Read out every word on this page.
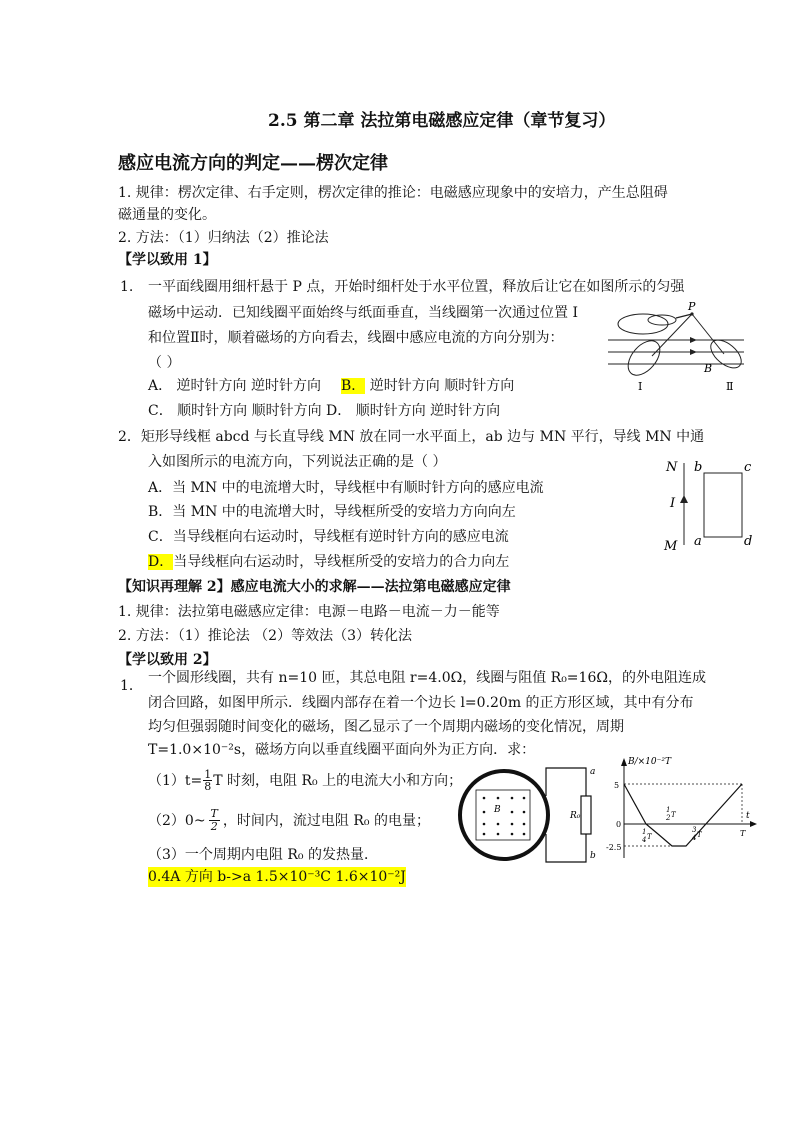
2.5 第二章 法拉第电磁感应定律（章节复习）
感应电流方向的判定——楞次定律
1. 规律：楞次定律、右手定则，楞次定律的推论：电磁感应现象中的安培力，产生总阻碍
磁通量的变化。
2. 方法：（1）归纳法（2）推论法
【学以致用 1】
1. 一平面线圈用细杆悬于 P 点，开始时细杆处于水平位置，释放后让它在如图所示的匀强
磁场中运动．已知线圈平面始终与纸面垂直，当线圈第一次通过位置 I
和位置Ⅱ时，顺着磁场的方向看去，线圈中感应电流的方向分别为：
（ ）
A． 逆时针方向 逆时针方向 B． 逆时针方向 顺时针方向
C． 顺时针方向 顺时针方向 D． 顺时针方向 逆时针方向
P
B
I	Ⅱ
2．矩形导线框 abcd 与长直导线 MN 放在同一水平面上，ab 边与 MN 平行，导线 MN 中通
入如图所示的电流方向，下列说法正确的是（ ）
A．当 MN 中的电流增大时，导线框中有顺时针方向的感应电流
B．当 MN 中的电流增大时，导线框所受的安培力方向向左
C．当导线框向右运动时，导线框有逆时针方向的感应电流
D．当导线框向右运动时，导线框所受的安培力的合力向左
N
I
M
b	c
a	d
【知识再理解 2】感应电流大小的求解——法拉第电磁感应定律
1. 规律：法拉第电磁感应定律：电源－电路－电流－力－能等
2. 方法：（1）推论法 （2）等效法（3）转化法
【学以致用 2】
1． 一个圆形线圈，共有 n=10 匝，其总电阻 r=4.0Ω，线圈与阻值 R₀=16Ω，的外电阻连成
闭合回路，如图甲所示．线圈内部存在着一个边长 l=0.20m 的正方形区域，其中有分布
均匀但强弱随时间变化的磁场，图乙显示了一个周期内磁场的变化情况，周期
T=1.0×10⁻²s，磁场方向以垂直线圈平面向外为正方向．求：
$(1)t= \frac{1}{8}$ T 时刻，电阻 R₀ 上的电流大小和方向；
（2）0~ $\frac{T}{2}$ ，时间内，流过电阻 R₀ 的电量；
（3）一个周期内电阻 R₀ 的发热量．
0.4A 方向 b->a 1.5×10⁻³C 1.6×10⁻²J
B
R₀
a
b
B/×10⁻²T
5
0
-2.5
t
T
1
4 T
1
2 T
3
4 T
